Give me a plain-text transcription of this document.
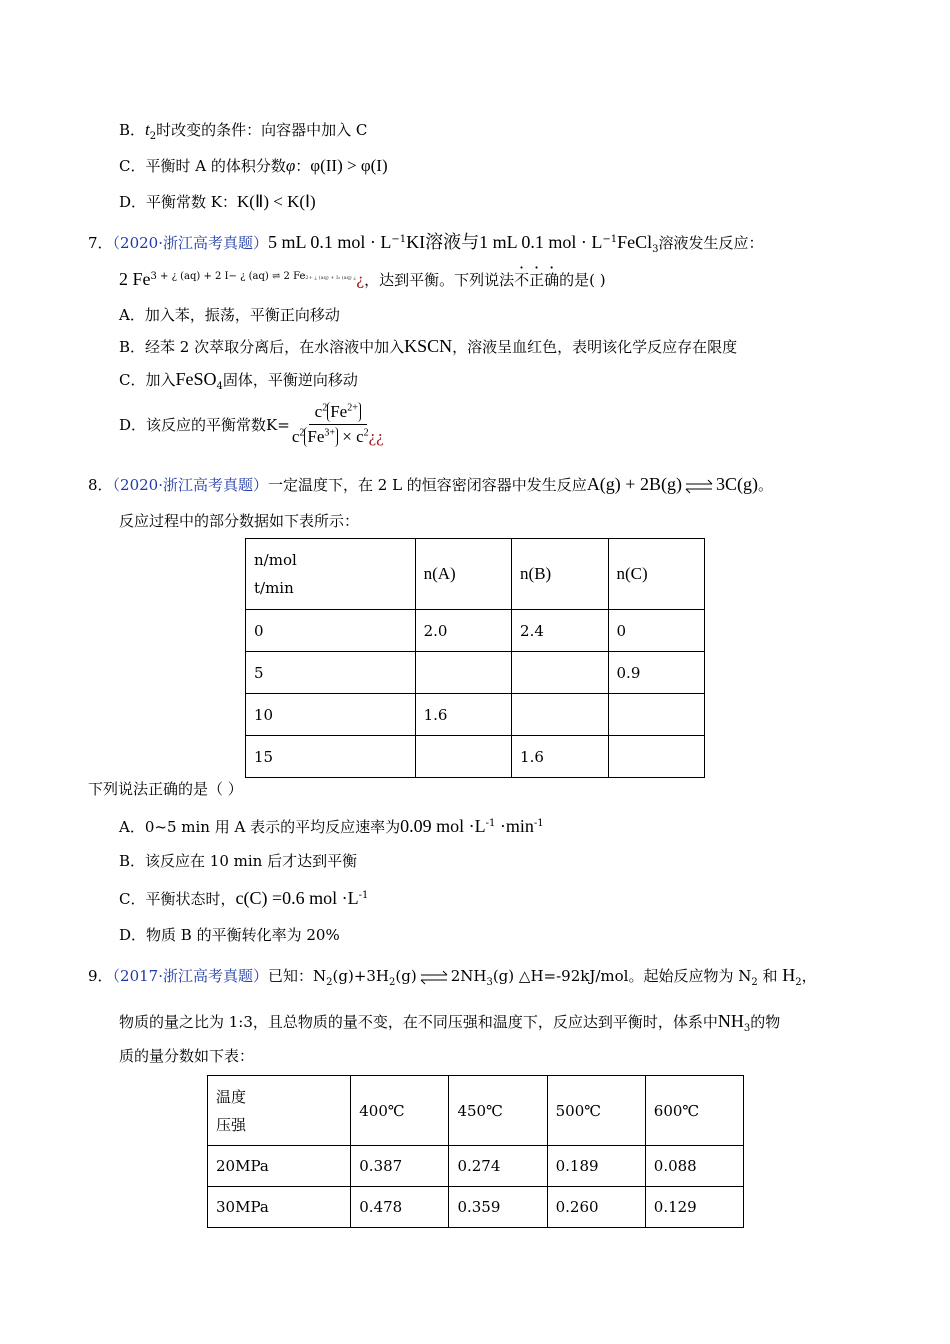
B．$t_2$时改变的条件：向容器中加入 C
C．平衡时 A 的体积分数φ：φ(II) > φ(I)
D．平衡常数 K：K(Ⅱ) < K(Ⅰ)
7．（2020·浙江高考真题）5 mL 0.1 mol · $L^{-1}KI$溶液与1 mL 0.1 mol · $L^{-1}FeCl_3$溶液发生反应：
2 $Fe^{3 + ¿ (aq) + 2 I- ¿ (aq) \rightleftharpoons 2 Fe2+ ¿ (aq) + I_2 (aq) ¿}¿$，达到平衡。下列说法不正确的是( )
A．加入苯，振荡，平衡正向移动
B．经苯 2 次萃取分离后，在水溶液中加入KSCN，溶液呈血红色，表明该化学反应存在限度
C．加入FeSO$_4$固体，平衡逆向移动
D．该反应的平衡常数$K= \frac{c^2 Fe^{2+}}{c^2 Fe^{3+} \times c^2¿¿}$
8．（2020·浙江高考真题）一定温度下，在 2 L 的恒容密闭容器中发生反应A(g) + 2B(g) ⇌ 3C(g)。
反应过程中的部分数据如下表所示：
n/mol
t/min	n(A)	n(B)	n(C)
0	2.0	2.4	0
5			0.9
10	1.6		
15		1.6	
下列说法正确的是（ ）
A．0~5 min 用 A 表示的平均反应速率为0.09 mol $\cdot L^{-1} \cdot\min^{-1}$
B．该反应在 10 min 后才达到平衡
C．平衡状态时，c(C) =0.6 mol $\cdot L^{-1}$
D．物质 B 的平衡转化率为 20%
9．（2017·浙江高考真题）已知：$N_2(g)+3H_2(g)$ ⇌ $2NH_3(g)$ △H=-92kJ/mol。起始反应物为 $N_2$ 和 $H_2$，
物质的量之比为 1:3，且总物质的量不变，在不同压强和温度下，反应达到平衡时，体系中$NH_3$的物
质的量分数如下表：
温度
压强	400℃	450℃	500℃	600℃
20MPa	0.387	0.274	0.189	0.088
30MPa	0.478	0.359	0.260	0.129
